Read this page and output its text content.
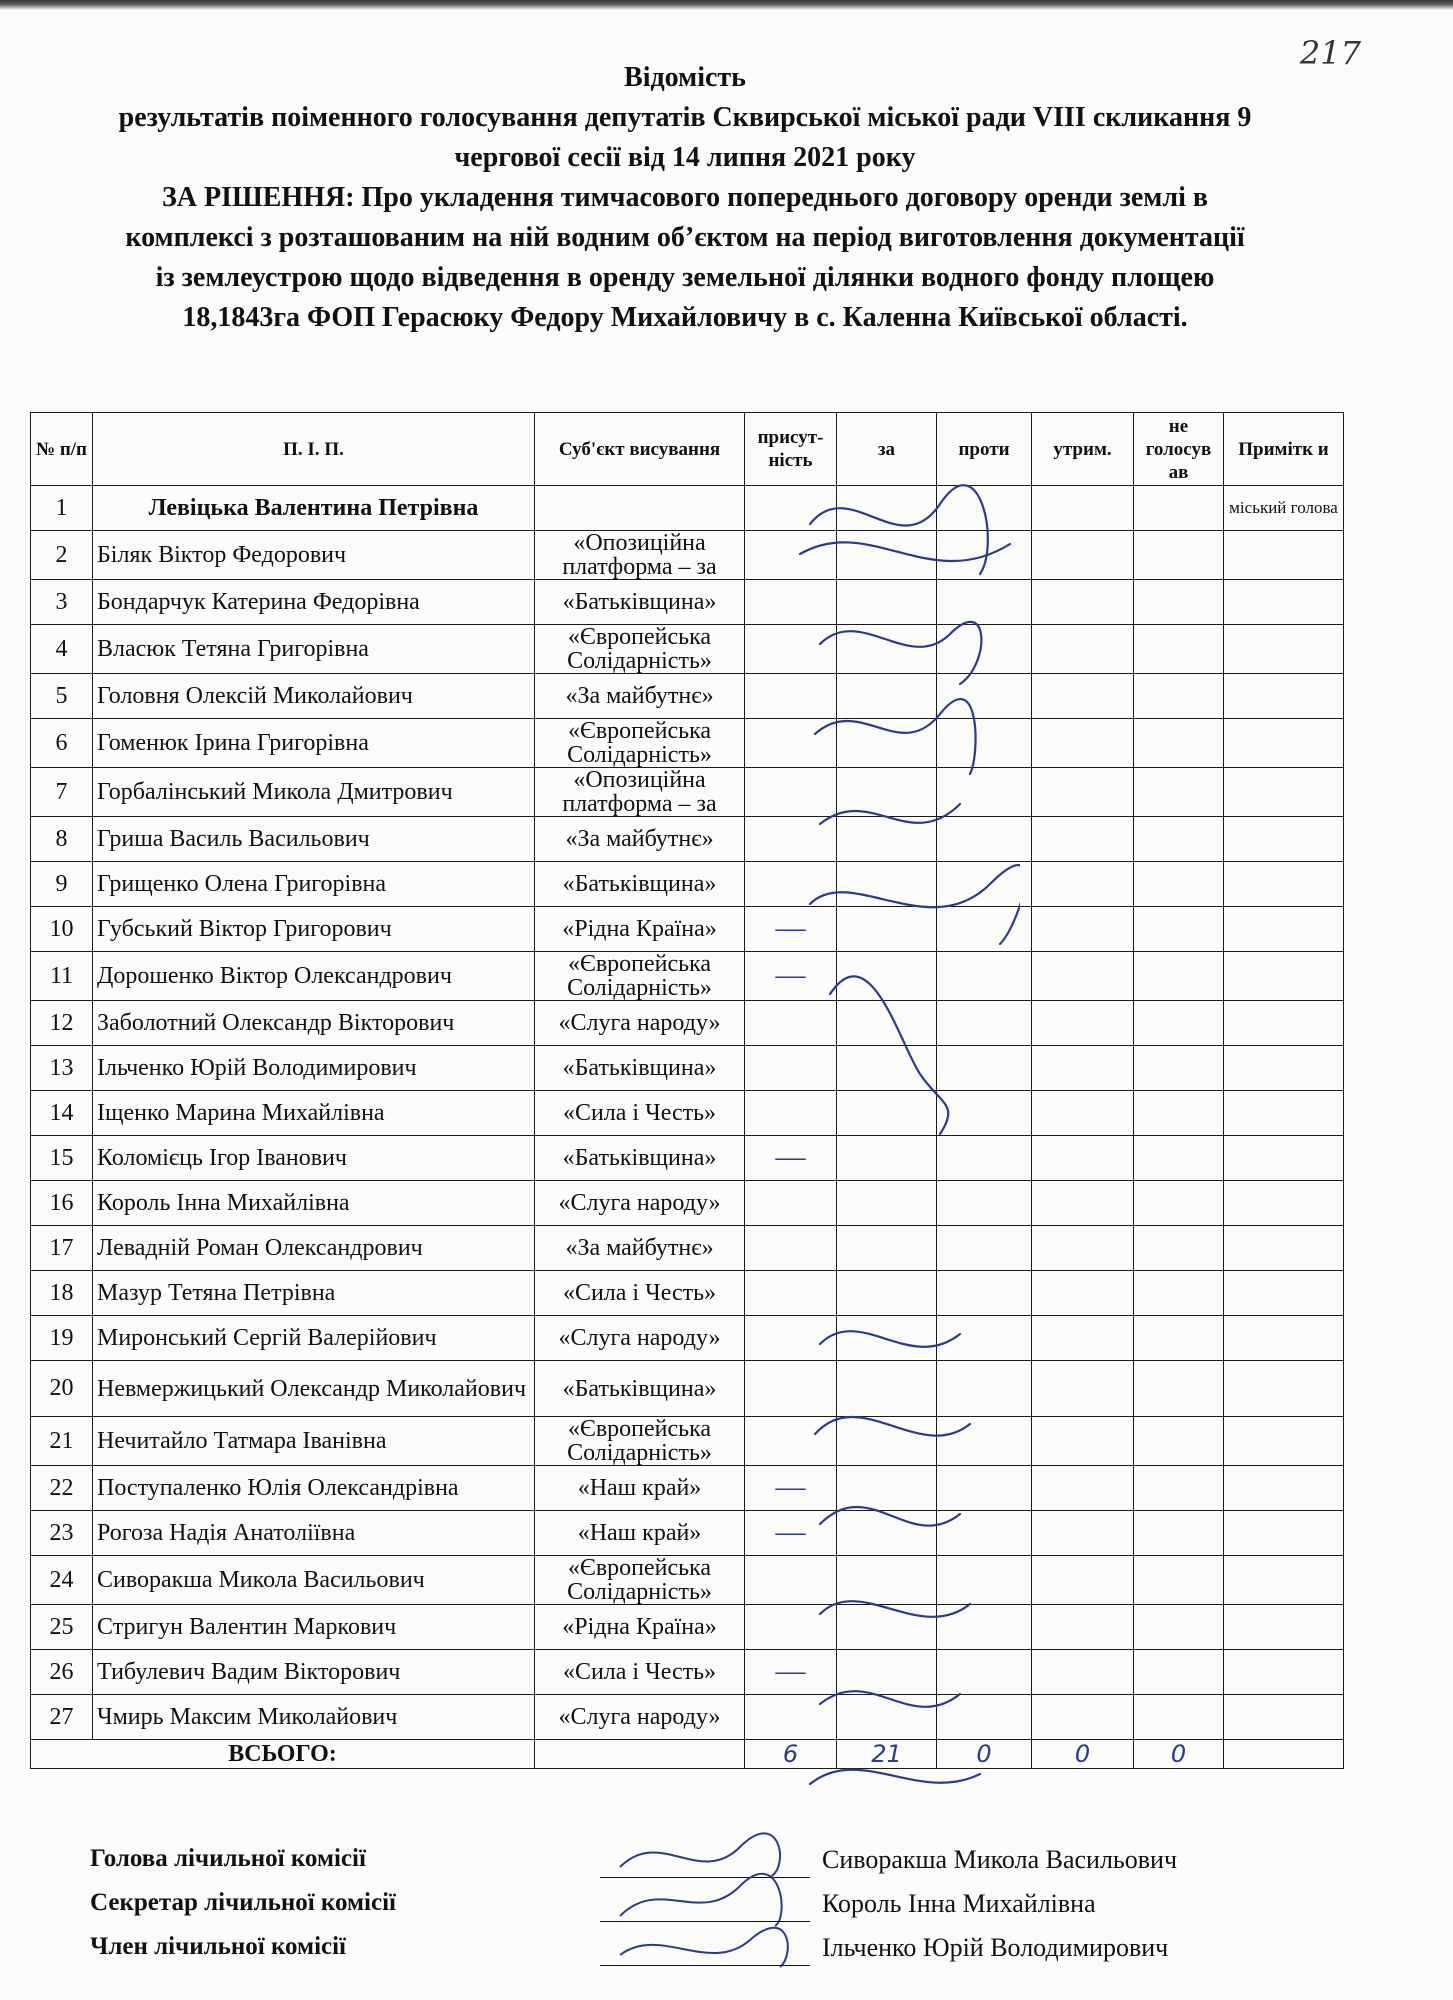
217
Відомість
результатів поіменного голосування депутатів Сквирської міської ради VIII скликання 9
чергової сесії від 14 липня 2021 року
ЗА РІШЕННЯ: Про укладення тимчасового попереднього договору оренди землі в
комплексі з розташованим на ній водним об’єктом на період виготовлення документації
із землеустрою щодо відведення в оренду земельної ділянки водного фонду площею
18,1843га ФОП Герасюку Федору Михайловичу в с. Каленна Київської області.
№ п/п	П. І. П.	Суб'єкт висування	присут-ність	за	проти	утрим.	не голосув ав	Примітк и
1	Левіцька Валентина Петрівна							міський голова
2	Біляк Віктор Федорович	«Опозиційна платформа – за						
3	Бондарчук Катерина Федорівна	«Батьківщина»						
4	Власюк Тетяна Григорівна	«Європейська Солідарність»						
5	Головня Олексій Миколайович	«За майбутнє»						
6	Гоменюк Ірина Григорівна	«Європейська Солідарність»						
7	Горбалінський Микола Дмитрович	«Опозиційна платформа – за						
8	Гриша Василь Васильович	«За майбутнє»						
9	Грищенко Олена Григорівна	«Батьківщина»						
10	Губський Віктор Григорович	«Рідна Країна»	—					
11	Дорошенко Віктор Олександрович	«Європейська Солідарність»	—					
12	Заболотний Олександр Вікторович	«Слуга народу»						
13	Ільченко Юрій Володимирович	«Батьківщина»						
14	Іщенко Марина Михайлівна	«Сила і Честь»						
15	Коломієць Ігор Іванович	«Батьківщина»	—					
16	Король Інна Михайлівна	«Слуга народу»						
17	Левадній Роман Олександрович	«За майбутнє»						
18	Мазур Тетяна Петрівна	«Сила і Честь»						
19	Миронський Сергій Валерійович	«Слуга народу»						
20	Невмержицький Олександр Миколайович	«Батьківщина»						
21	Нечитайло Татмара Іванівна	«Європейська Солідарність»						
22	Поступаленко Юлія Олександрівна	«Наш край»	—					
23	Рогоза Надія Анатоліївна	«Наш край»	—					
24	Сиворакша Микола Васильович	«Європейська Солідарність»						
25	Стригун Валентин Маркович	«Рідна Країна»						
26	Тибулевич Вадим Вікторович	«Сила і Честь»	—					
27	Чмирь Максим Миколайович	«Слуга народу»						
ВСЬОГО:			6	21	0	0	0	
Голова лічильної комісії	Сиворакша Микола Васильович
Секретар лічильної комісії	Король Інна Михайлівна
Член лічильної комісії	Ільченко Юрій Володимирович
